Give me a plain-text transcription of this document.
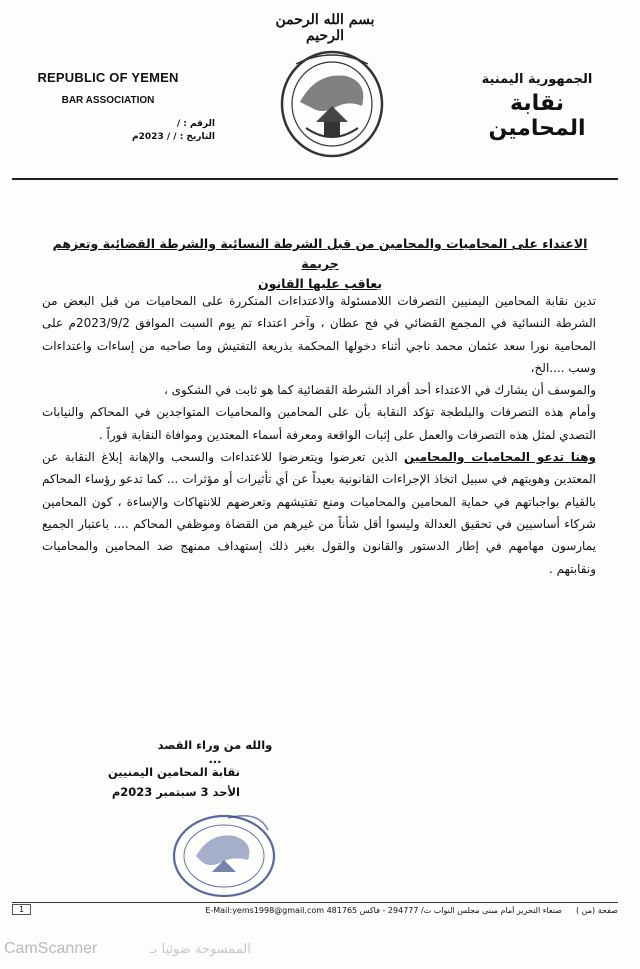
بسم الله الرحمن الرحيم
REPUBLIC OF YEMEN
BAR ASSOCIATION
الرقم : /
التاريخ : / / 2023م
الجمهورية اليمنية
نقابة المحامين
الاعتداء على المحاميات والمحامين من قبل الشرطة النسائية والشرطة القضائية وتعزهم جريمة
يعاقب عليها القانون

تدين نقابة المحامين اليمنيين التصرفات اللامسئولة والاعتداءات المتكررة على المحاميات من قبل البعض من الشرطة النسائية في المجمع القضائي في فج عطان ، وآخر اعتداء تم يوم السبت الموافق 2023/9/2م على المحامية نورا سعد عثمان محمد ناجي أثناء دخولها المحكمة بذريعة التفتيش وما صاحبه من إساءات واعتداءات وسب ....الخ،

والموسف أن يشارك في الاعتداء أحد أفراد الشرطة القضائية كما هو ثابت في الشكوى ،

وأمام هذه التصرفات والبلطجة تؤكد النقابة بأن على المحامين والمحاميات المتواجدين في المحاكم والنيابات التصدي لمثل هذه التصرفات والعمل على إثبات الواقعة ومعرفة أسماء المعتدين وموافاة النقابة فوراً .

وهنا تدعو المحاميات والمحامين الذين تعرضوا ويتعرضوا للاعتداءات والسحب والإهانة إبلاغ النقابة عن المعتدين وهويتهم في سبيل اتخاذ الإجراءات القانونية بعيداً عن أي تأثيرات أو مؤثرات ... كما تدعو رؤساء المحاكم بالقيام بواجباتهم في حماية المحامين والمحاميات ومنع تفتيشهم وتعرضهم للانتهاكات والإساءة ، كون المحامين شركاء أساسيين في تحقيق العدالة وليسوا أقل شأناً من غيرهم من القضاة وموظفي المحاكم .... باعتبار الجميع يمارسون مهامهم في إطار الدستور والقانون والقول بغير ذلك إستهداف ممنهج ضد المحامين والمحاميات ونقابتهم .

والله من وراء القصد ...
نقابة المحامين اليمنيين
الأحد 3 سبتمبر 2023م
1	صنعاء التحرير أمام مبنى مجلس النواب ت/ 294777 - فاكس 481765 E-Mail:yems1998@gmail.com صفحة (من )
CamScanner	الممسوحة ضوئيا بـ
